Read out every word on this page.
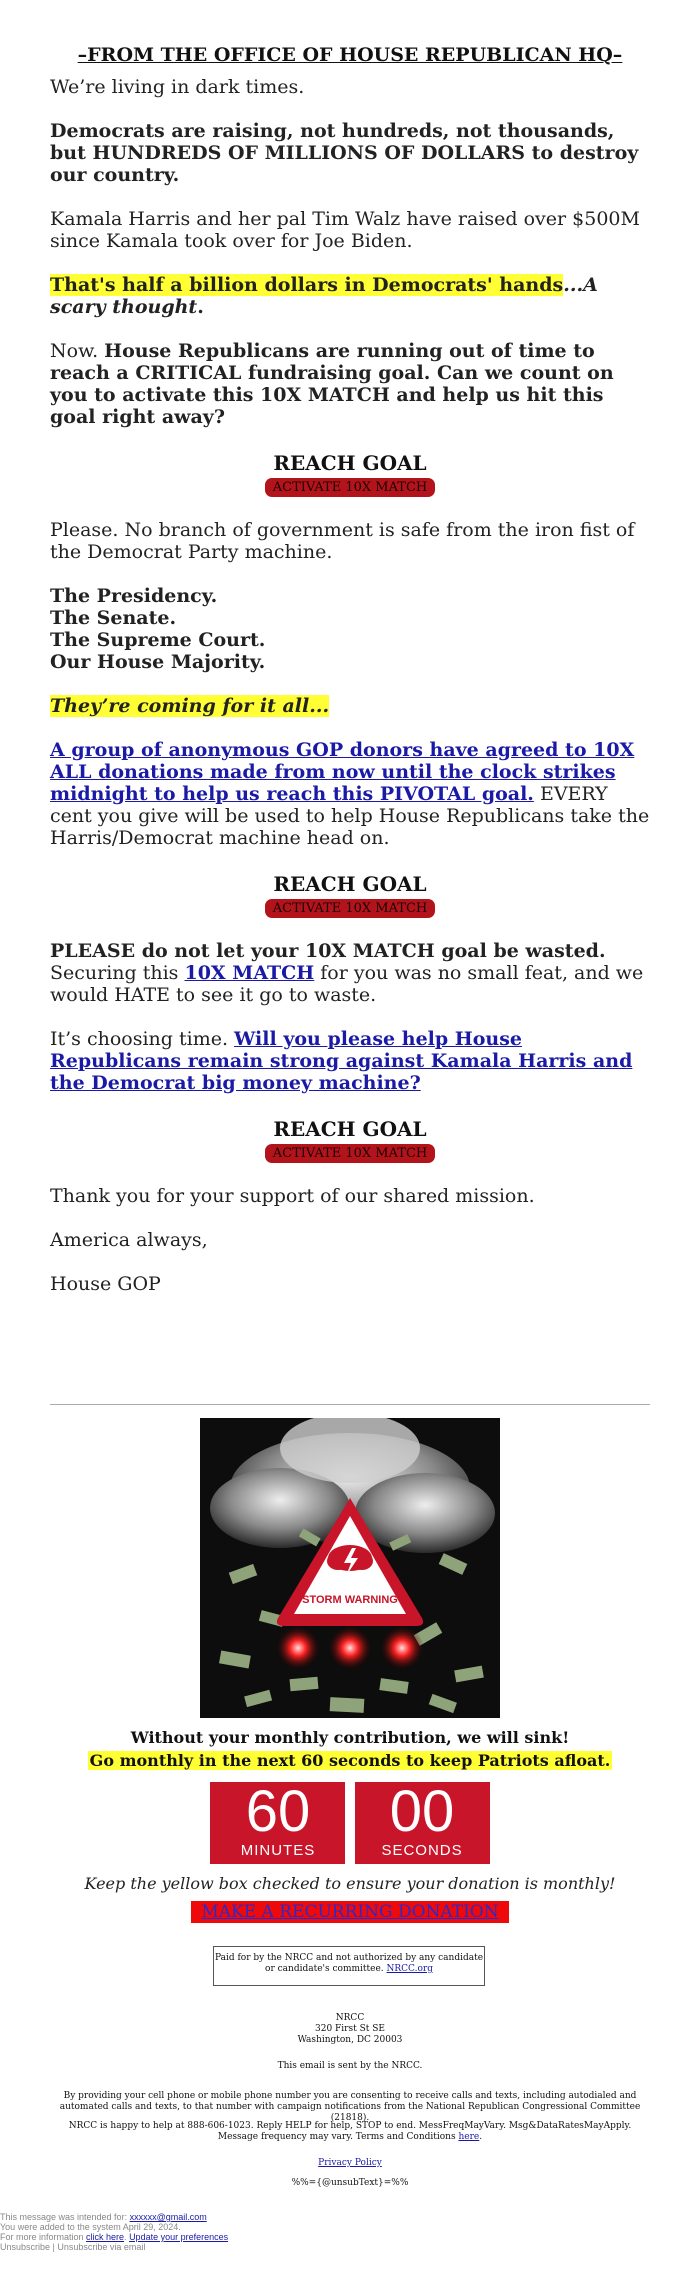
–FROM THE OFFICE OF HOUSE REPUBLICAN HQ–

We’re living in dark times.

Democrats are raising, not hundreds, not thousands, but HUNDREDS OF MILLIONS OF DOLLARS to destroy our country.

Kamala Harris and her pal Tim Walz have raised over $500M since Kamala took over for Joe Biden.

That's half a billion dollars in Democrats' hands...A scary thought.

Now. House Republicans are running out of time to reach a CRITICAL fundraising goal. Can we count on you to activate this 10X MATCH and help us hit this goal right away?

REACH GOAL
ACTIVATE 10X MATCH

Please. No branch of government is safe from the iron fist of the Democrat Party machine.

The Presidency.
The Senate.
The Supreme Court.
Our House Majority.

They’re coming for it all...

A group of anonymous GOP donors have agreed to 10X ALL donations made from now until the clock strikes midnight to help us reach this PIVOTAL goal. EVERY cent you give will be used to help House Republicans take the Harris/Democrat machine head on.

REACH GOAL
ACTIVATE 10X MATCH

PLEASE do not let your 10X MATCH goal be wasted. Securing this 10X MATCH for you was no small feat, and we would HATE to see it go to waste.

It’s choosing time. Will you please help House Republicans remain strong against Kamala Harris and the Democrat big money machine?

REACH GOAL
ACTIVATE 10X MATCH

Thank you for your support of our shared mission.

America always,

House GOP

STORM WARNING
Without your monthly contribution, we will sink!
Go monthly in the next 60 seconds to keep Patriots afloat.
60
MINUTES

00
SECONDS
Keep the yellow box checked to ensure your donation is monthly!
MAKE A RECURRING DONATION
Paid for by the NRCC and not authorized by any candidate or candidate's committee. NRCC.org
NRCC
320 First St SE
Washington, DC 20003
This email is sent by the NRCC.
By providing your cell phone or mobile phone number you are consenting to receive calls and texts, including autodialed and automated calls and texts, to that number with campaign notifications from the National Republican Congressional Committee (21818).
NRCC is happy to help at 888-606-1023. Reply HELP for help, STOP to end. MessFreqMayVary. Msg&DataRatesMayApply. Message frequency may vary. Terms and Conditions here.
Privacy Policy
%%={@unsubText}=%%
This message was intended for: xxxxxx@gmail.com
You were added to the system April 29, 2024.
For more information click here. Update your preferences
Unsubscribe | Unsubscribe via email
